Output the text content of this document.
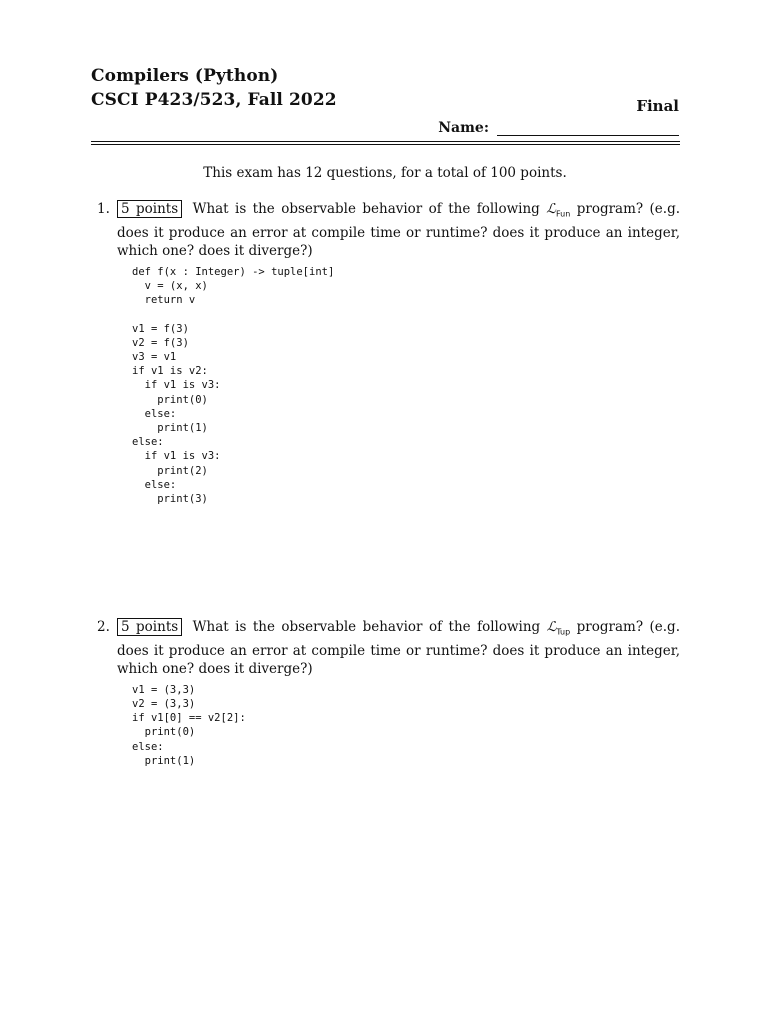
Compilers (Python)
CSCI P423/523, Fall 2022	Final
Name:
This exam has 12 questions, for a total of 100 points.
1. 5 points What is the observable behavior of the following ℒ$_{Fun}$ program? (e.g. does it produce an error at compile time or runtime? does it produce an integer, which one? does it diverge?)
def f(x : Integer) -> tuple[int]
v = (x, x)
return v

v1 = f(3)
v2 = f(3)
v3 = v1
if v1 is v2:
if v1 is v3:
print(0)
else:
print(1)
else:
if v1 is v3:
print(2)
else:
print(3)
2. 5 points What is the observable behavior of the following ℒ$_{Tup}$ program? (e.g. does it produce an error at compile time or runtime? does it produce an integer, which one? does it diverge?)
v1 = (3,3)
v2 = (3,3)
if v1[0] == v2[2]:
print(0)
else:
print(1)
